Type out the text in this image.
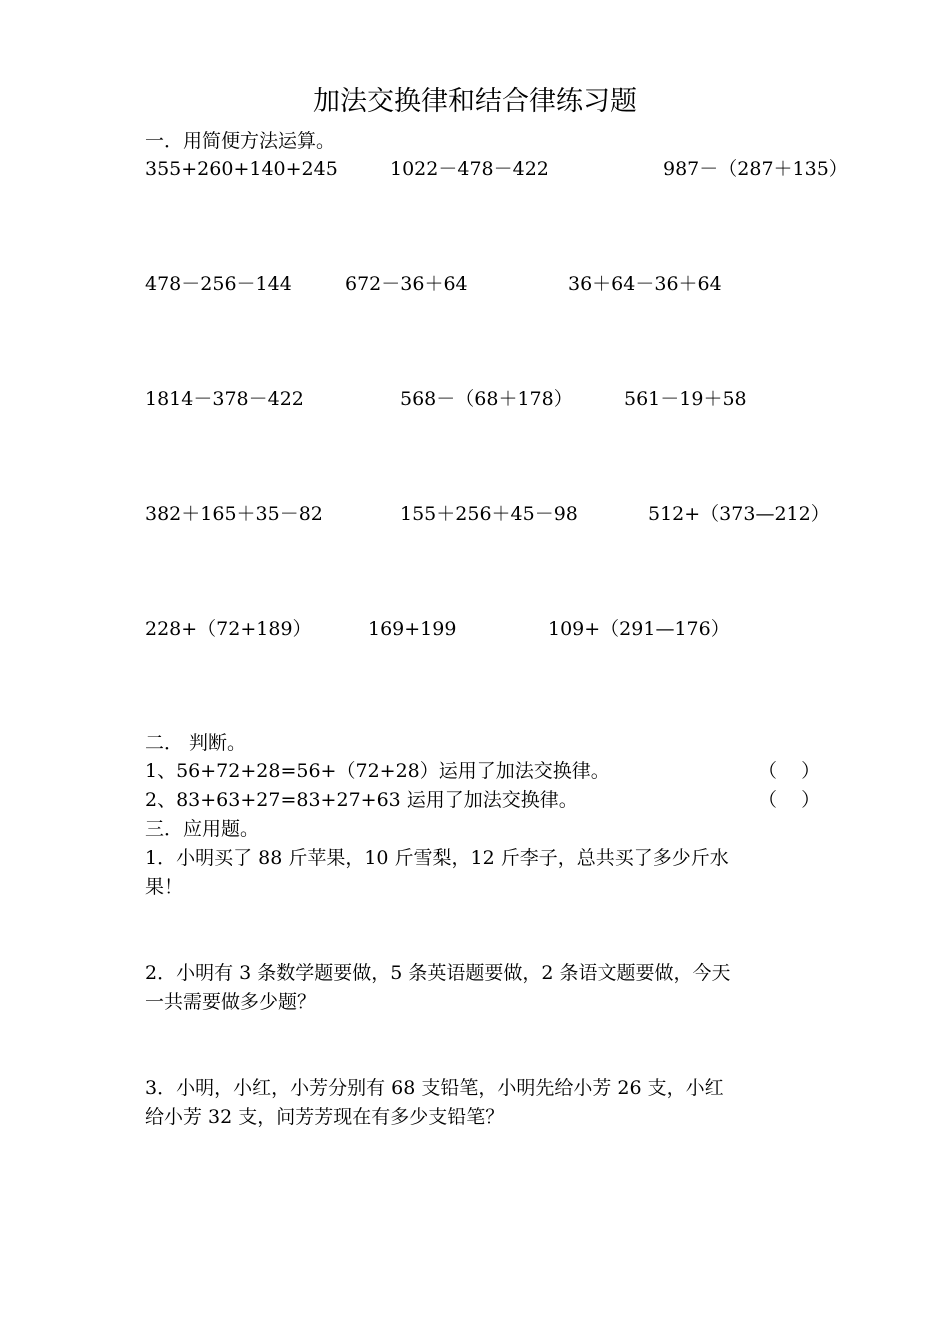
加法交换律和结合律练习题
一．用简便方法运算。
355+260+140+245	1022－478－422	987－（287＋135）
478－256－144	672－36＋64	36＋64－36＋64
1814－378－422	568－（68＋178）	561－19＋58
382＋165＋35－82	155＋256＋45－98	512+（373—212）
228+（72+189）	169+199	109+（291—176）
二． 判断。
1、56+72+28=56+（72+28）运用了加法交换律。	（    ）
2、83+63+27=83+27+63 运用了加法交换律。	（    ）
三．应用题。
1．小明买了 88 斤苹果，10 斤雪梨，12 斤李子，总共买了多少斤水
果！
2．小明有 3 条数学题要做，5 条英语题要做，2 条语文题要做，今天
一共需要做多少题？
3．小明，小红，小芳分别有 68 支铅笔，小明先给小芳 26 支，小红
给小芳 32 支，问芳芳现在有多少支铅笔？
